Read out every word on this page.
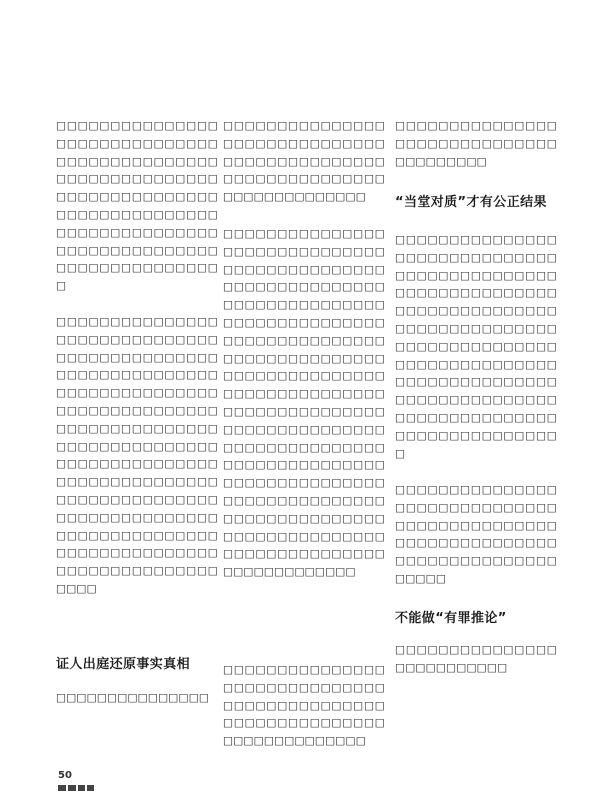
□□□□□□□□□□□□□□□□□□□□□□□□□□□□□□□□□□□□□□□□□□□□□□□□□□□□□□□□□□□□□□□□□□□□□□□□□□□□□□□□□□□□□□□□□□□□□□□□□□□□□□□□□□□□□□□□□□□□□□□□□□□□□□□□□□□□□□□□

□□□□□□□□□□□□□□□□□□□□□□□□□□□□□□□□□□□□□□□□□□□□□□□□□□□□□□□□□□□□□□□□□□□□□□□□□□□□□□□□□□□□□□□□□□□□□□□□□□□□□□□□□□□□□□□□□□□□□□□□□□□□□□□□□□□□□□□□□□□□□□□□□□□□□□□□□□□□□□□□□□□□□□□□□□□□□□□□□□□□□□□□□□□□□□□□□□□□□□□□□□□□□□□□□□□□□□□□□□□□□□□□□□□□□

证人出庭还原事实真相

□□□□□□□□□□□□□□□

□□□□□□□□□□□□□□□□□□□□□□□□□□□□□□□□□□□□□□□□□□□□□□□□□□□□□□□□□□□□□□□□□□□□□□□□□□

□□□□□□□□□□□□□□□□□□□□□□□□□□□□□□□□□□□□□□□□□□□□□□□□□□□□□□□□□□□□□□□□□□□□□□□□□□□□□□□□□□□□□□□□□□□□□□□□□□□□□□□□□□□□□□□□□□□□□□□□□□□□□□□□□□□□□□□□□□□□□□□□□□□□□□□□□□□□□□□□□□□□□□□□□□□□□□□□□□□□□□□□□□□□□□□□□□□□□□□□□□□□□□□□□□□□□□□□□□□□□□□□□□□□□□□□□□□□□□□□□□□□□□□□□□□□□□□□□□□□□□□□□□□□□□□□□□□□□□□□□□□□□□□□□□□□□□□□□□

□□□□□□□□□□□□□□□□□□□□□□□□□□□□□□□□□□□□□□□□□□□□□□□□□□□□□□□□□□□□□□□□□□□□□□□□□□

□□□□□□□□□□□□□□□□□□□□□□□□□□□□□□□□□□□□□□□

“当堂对质”才有公正结果

□□□□□□□□□□□□□□□□□□□□□□□□□□□□□□□□□□□□□□□□□□□□□□□□□□□□□□□□□□□□□□□□□□□□□□□□□□□□□□□□□□□□□□□□□□□□□□□□□□□□□□□□□□□□□□□□□□□□□□□□□□□□□□□□□□□□□□□□□□□□□□□□□□□□□□□□□□□□□□□□□□□□□□□□□□□□□□□□□□□□□

□□□□□□□□□□□□□□□□□□□□□□□□□□□□□□□□□□□□□□□□□□□□□□□□□□□□□□□□□□□□□□□□□□□□□□□□□□□□□□□□

不能做“有罪推论”

□□□□□□□□□□□□□□□□□□□□□□□□□□

50
